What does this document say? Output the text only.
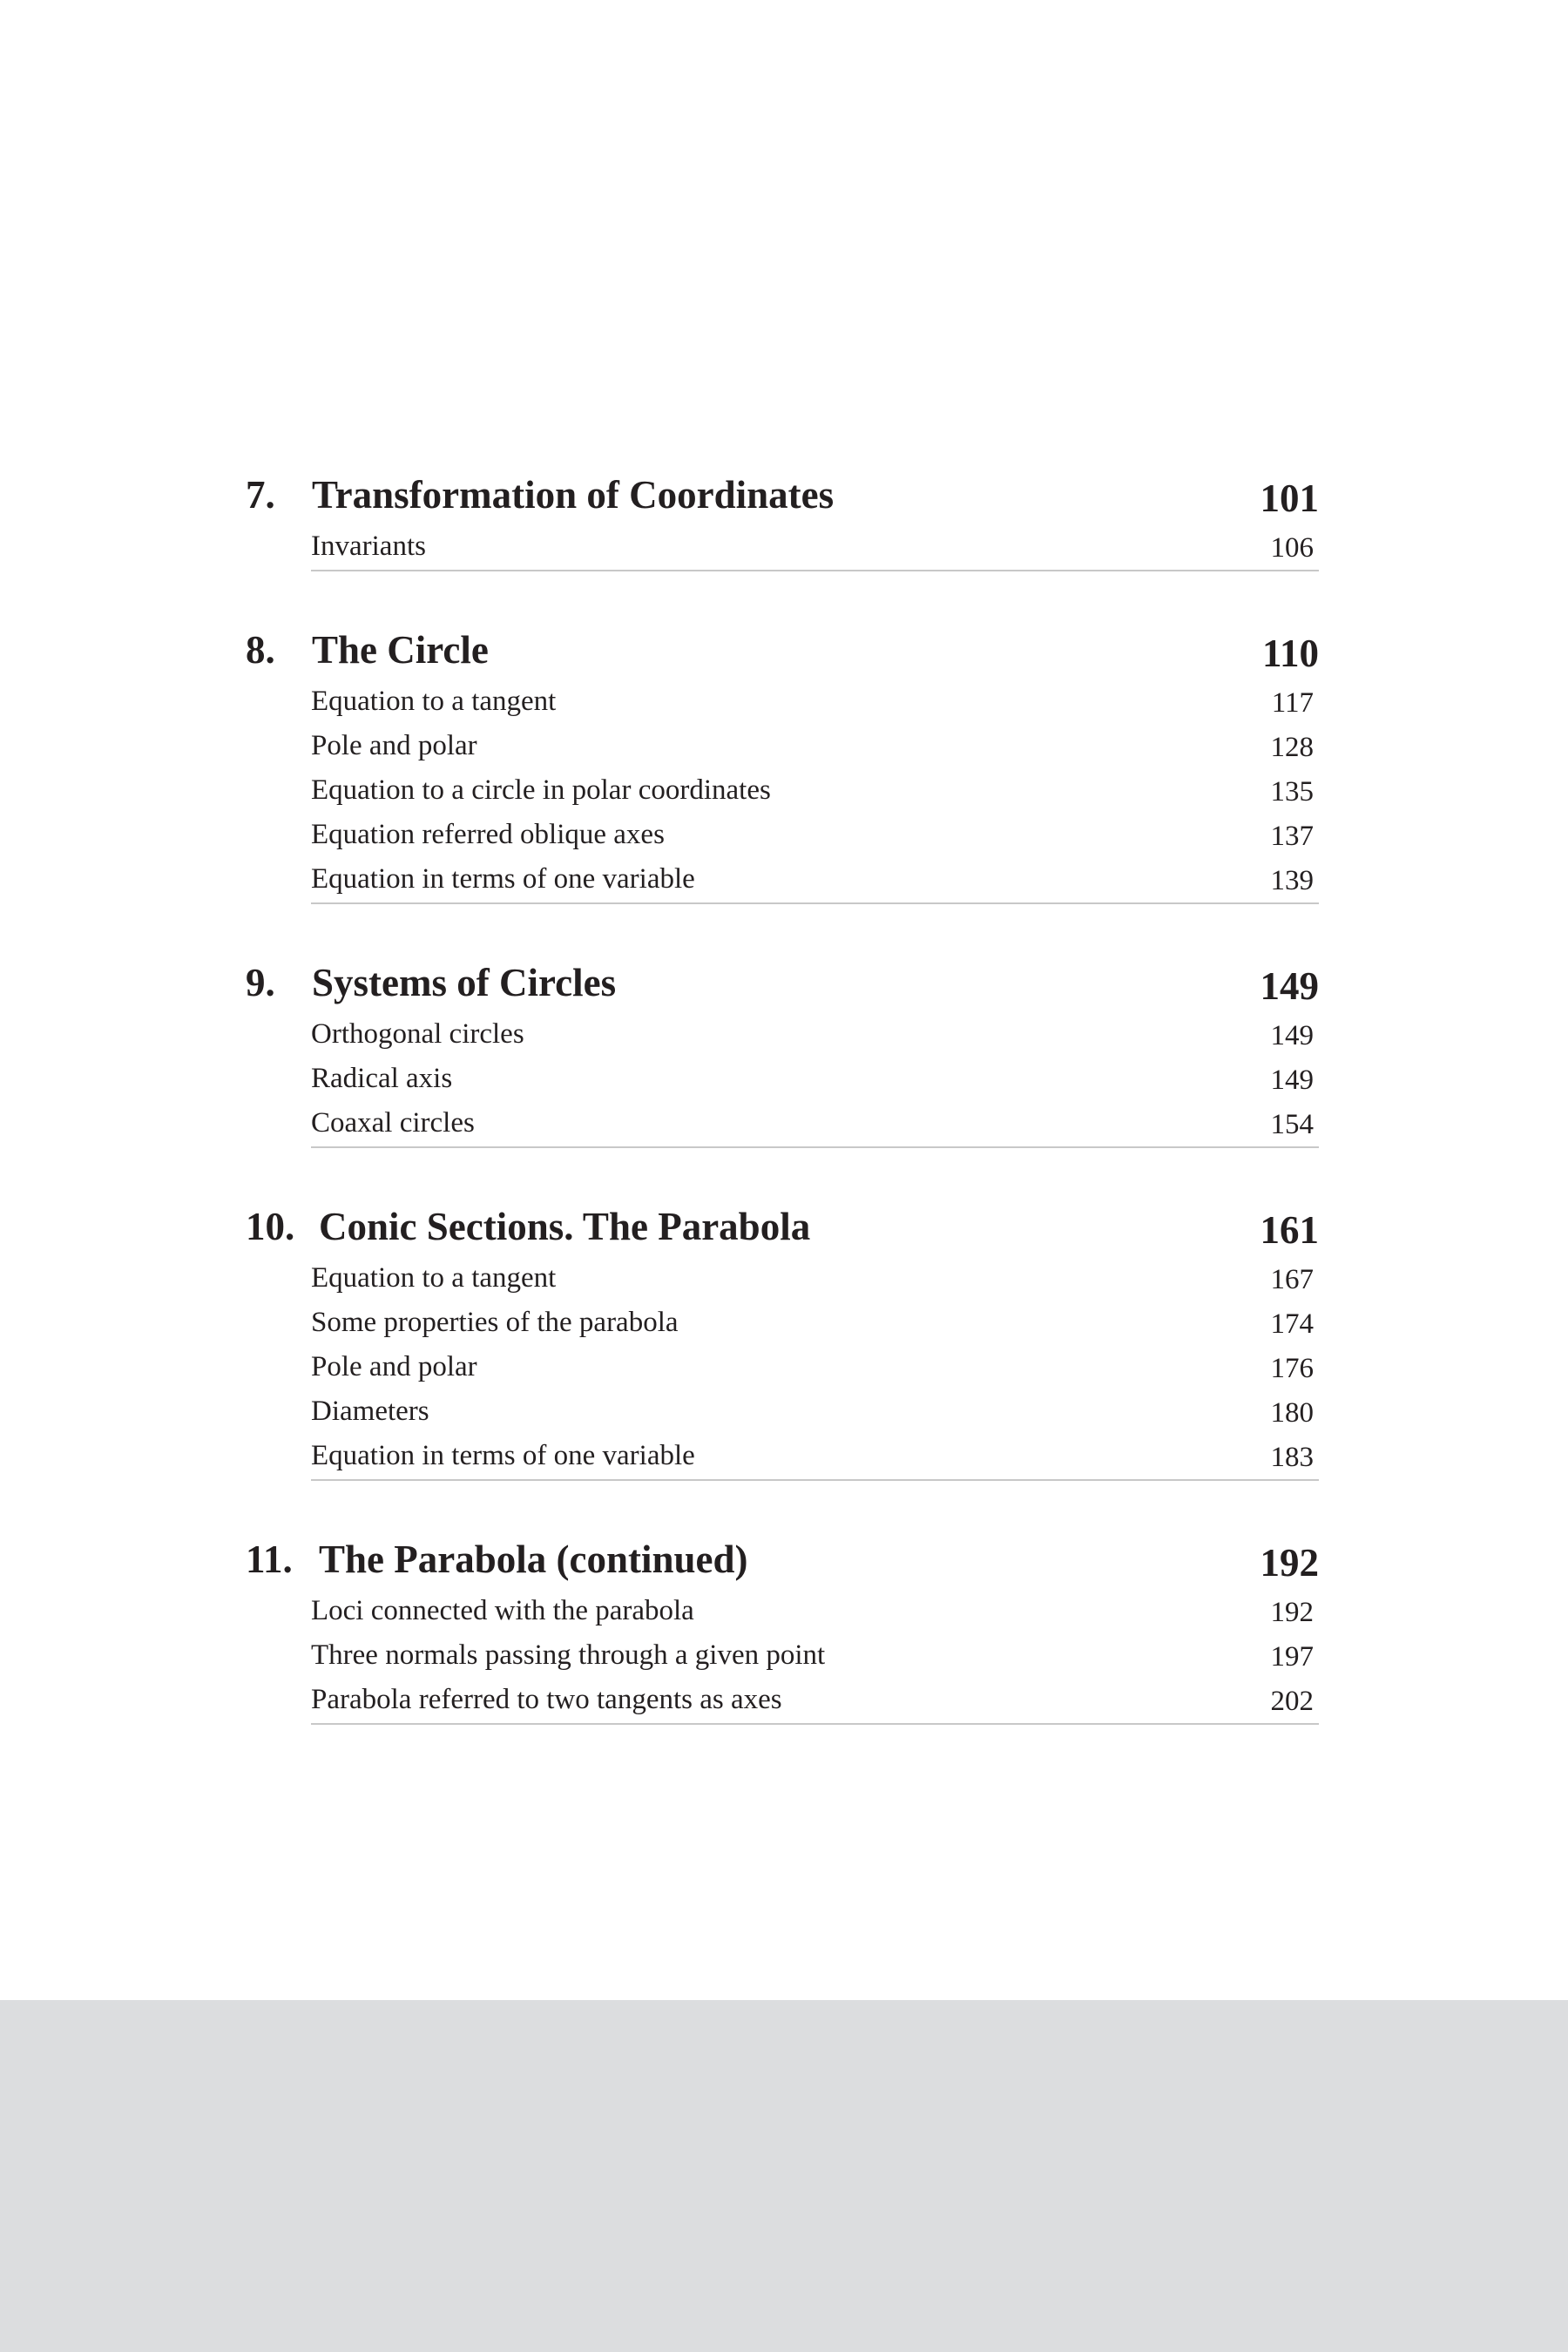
7. Transformation of Coordinates	101
Invariants	106
8. The Circle	110
Equation to a tangent	117
Pole and polar	128
Equation to a circle in polar coordinates	135
Equation referred oblique axes	137
Equation in terms of one variable	139
9. Systems of Circles	149
Orthogonal circles	149
Radical axis	149
Coaxal circles	154
10. Conic Sections. The Parabola	161
Equation to a tangent	167
Some properties of the parabola	174
Pole and polar	176
Diameters	180
Equation in terms of one variable	183
11. The Parabola (continued)	192
Loci connected with the parabola	192
Three normals passing through a given point	197
Parabola referred to two tangents as axes	202
